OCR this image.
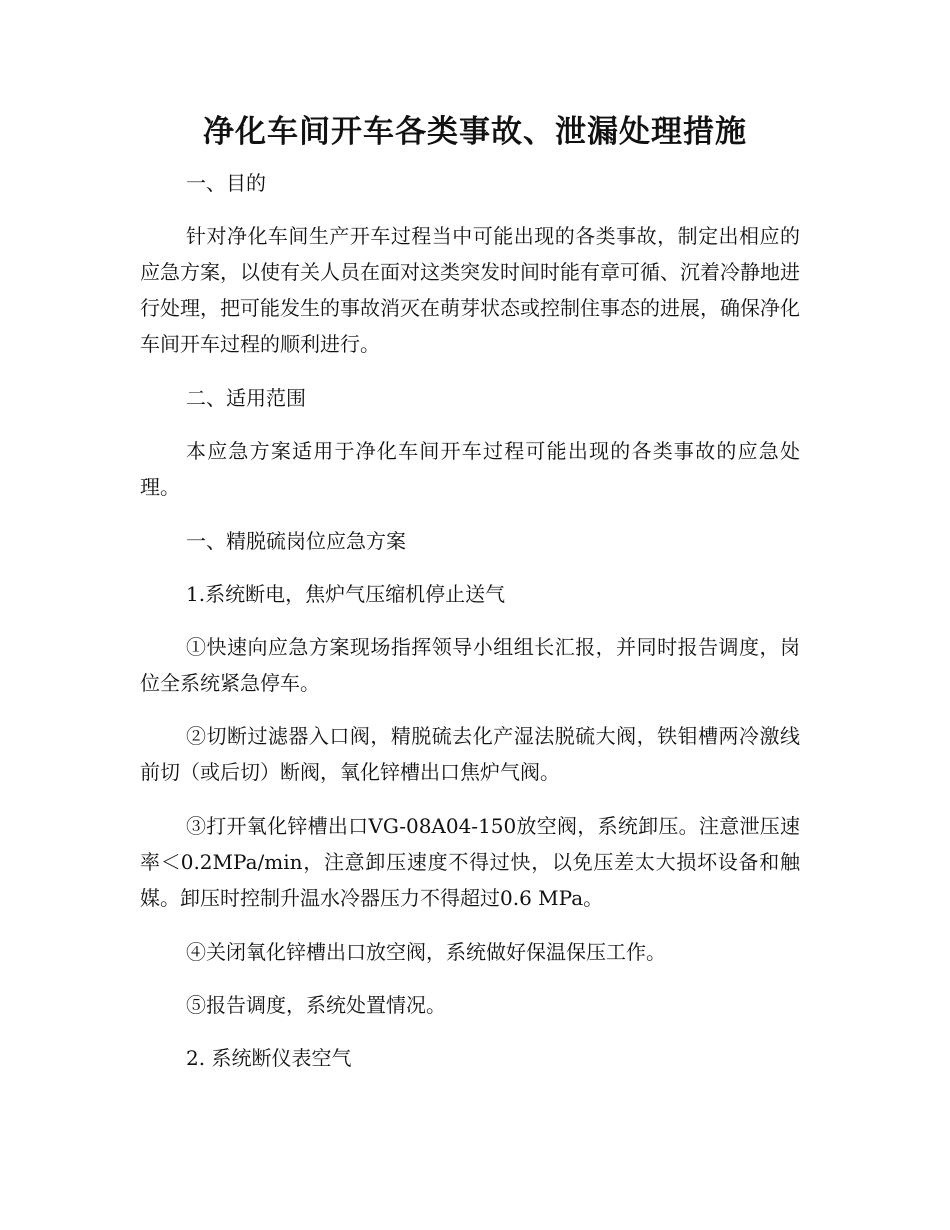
净化车间开车各类事故、泄漏处理措施

一、目的

针对净化车间生产开车过程当中可能出现的各类事故，制定出相应的应急方案，以使有关人员在面对这类突发时间时能有章可循、沉着冷静地进行处理，把可能发生的事故消灭在萌芽状态或控制住事态的进展，确保净化车间开车过程的顺利进行。

二、适用范围

本应急方案适用于净化车间开车过程可能出现的各类事故的应急处理。

一、精脱硫岗位应急方案

1.系统断电，焦炉气压缩机停止送气

①快速向应急方案现场指挥领导小组组长汇报，并同时报告调度，岗位全系统紧急停车。

②切断过滤器入口阀，精脱硫去化产湿法脱硫大阀，铁钼槽两冷激线前切（或后切）断阀，氧化锌槽出口焦炉气阀。

③打开氧化锌槽出口VG-08A04-150放空阀，系统卸压。注意泄压速率＜0.2MPa/min，注意卸压速度不得过快，以免压差太大损坏设备和触媒。卸压时控制升温水冷器压力不得超过0.6 MPa。

④关闭氧化锌槽出口放空阀，系统做好保温保压工作。

⑤报告调度，系统处置情况。

2. 系统断仪表空气
